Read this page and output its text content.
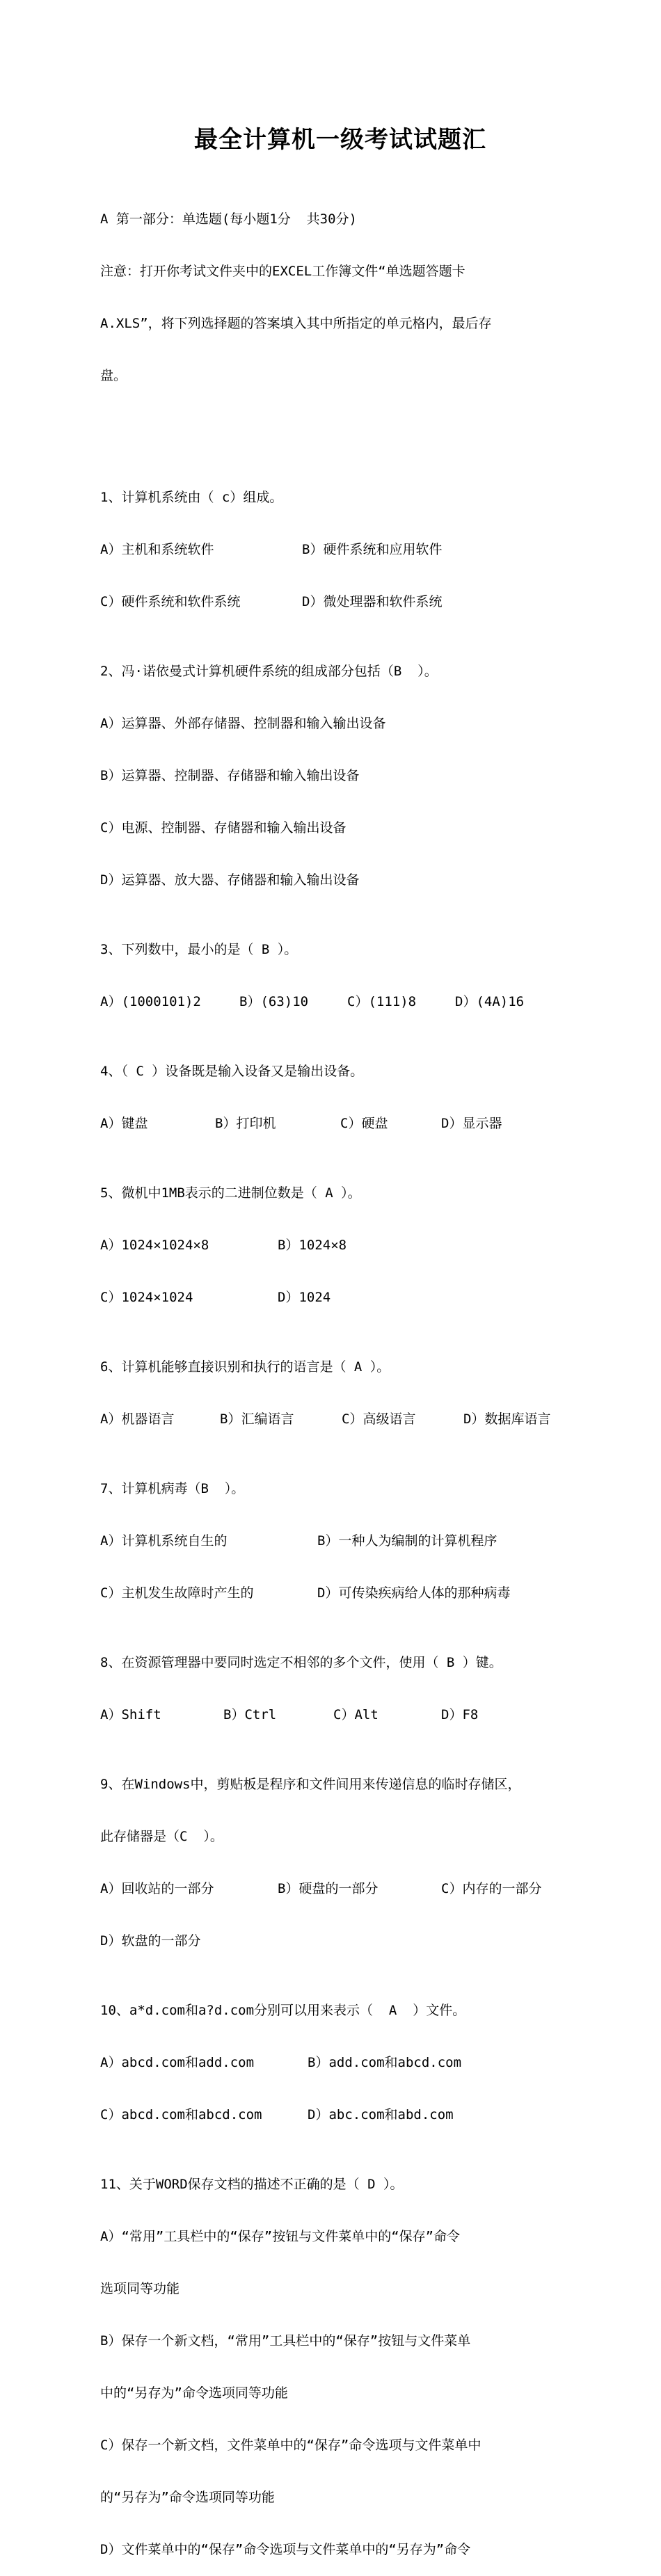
最全计算机一级考试试题汇

A 第一部分：单选题(每小题1分  共30分)

注意：打开你考试文件夹中的EXCEL工作簿文件“单选题答题卡

A.XLS”，将下列选择题的答案填入其中所指定的单元格内，最后存

盘。

1、计算机系统由（ c）组成。

A）主机和系统软件	B）硬件系统和应用软件

C）硬件系统和软件系统	D）微处理器和软件系统

2、冯·诺依曼式计算机硬件系统的组成部分包括（B  ）。

A）运算器、外部存储器、控制器和输入输出设备

B）运算器、控制器、存储器和输入输出设备

C）电源、控制器、存储器和输入输出设备

D）运算器、放大器、存储器和输入输出设备

3、下列数中，最小的是（ B ）。

A）(1000101)2	B）(63)10	C）(111)8	D）(4A)16

4、（ C ）设备既是输入设备又是输出设备。

A）键盘	B）打印机	C）硬盘	D）显示器

5、微机中1MB表示的二进制位数是（ A ）。

A）1024×1024×8	B）1024×8

C）1024×1024	D）1024

6、计算机能够直接识别和执行的语言是（ A ）。

A）机器语言	B）汇编语言	C）高级语言	D）数据库语言

7、计算机病毒（B  ）。

A）计算机系统自生的	B）一种人为编制的计算机程序

C）主机发生故障时产生的	D）可传染疾病给人体的那种病毒

8、在资源管理器中要同时选定不相邻的多个文件，使用（ B ）键。

A）Shift	B）Ctrl	C）Alt	D）F8

9、在Windows中，剪贴板是程序和文件间用来传递信息的临时存储区，

此存储器是（C  ）。

A）回收站的一部分	B）硬盘的一部分	C）内存的一部分

D）软盘的一部分

10、a*d.com和a?d.com分别可以用来表示（  A  ）文件。

A）abcd.com和add.com	B）add.com和abcd.com

C）abcd.com和abcd.com	D）abc.com和abd.com

11、关于WORD保存文档的描述不正确的是（ D ）。

A）“常用”工具栏中的“保存”按钮与文件菜单中的“保存”命令

选项同等功能

B）保存一个新文档，“常用”工具栏中的“保存”按钮与文件菜单

中的“另存为”命令选项同等功能

C）保存一个新文档，文件菜单中的“保存”命令选项与文件菜单中

的“另存为”命令选项同等功能

D）文件菜单中的“保存”命令选项与文件菜单中的“另存为”命令
